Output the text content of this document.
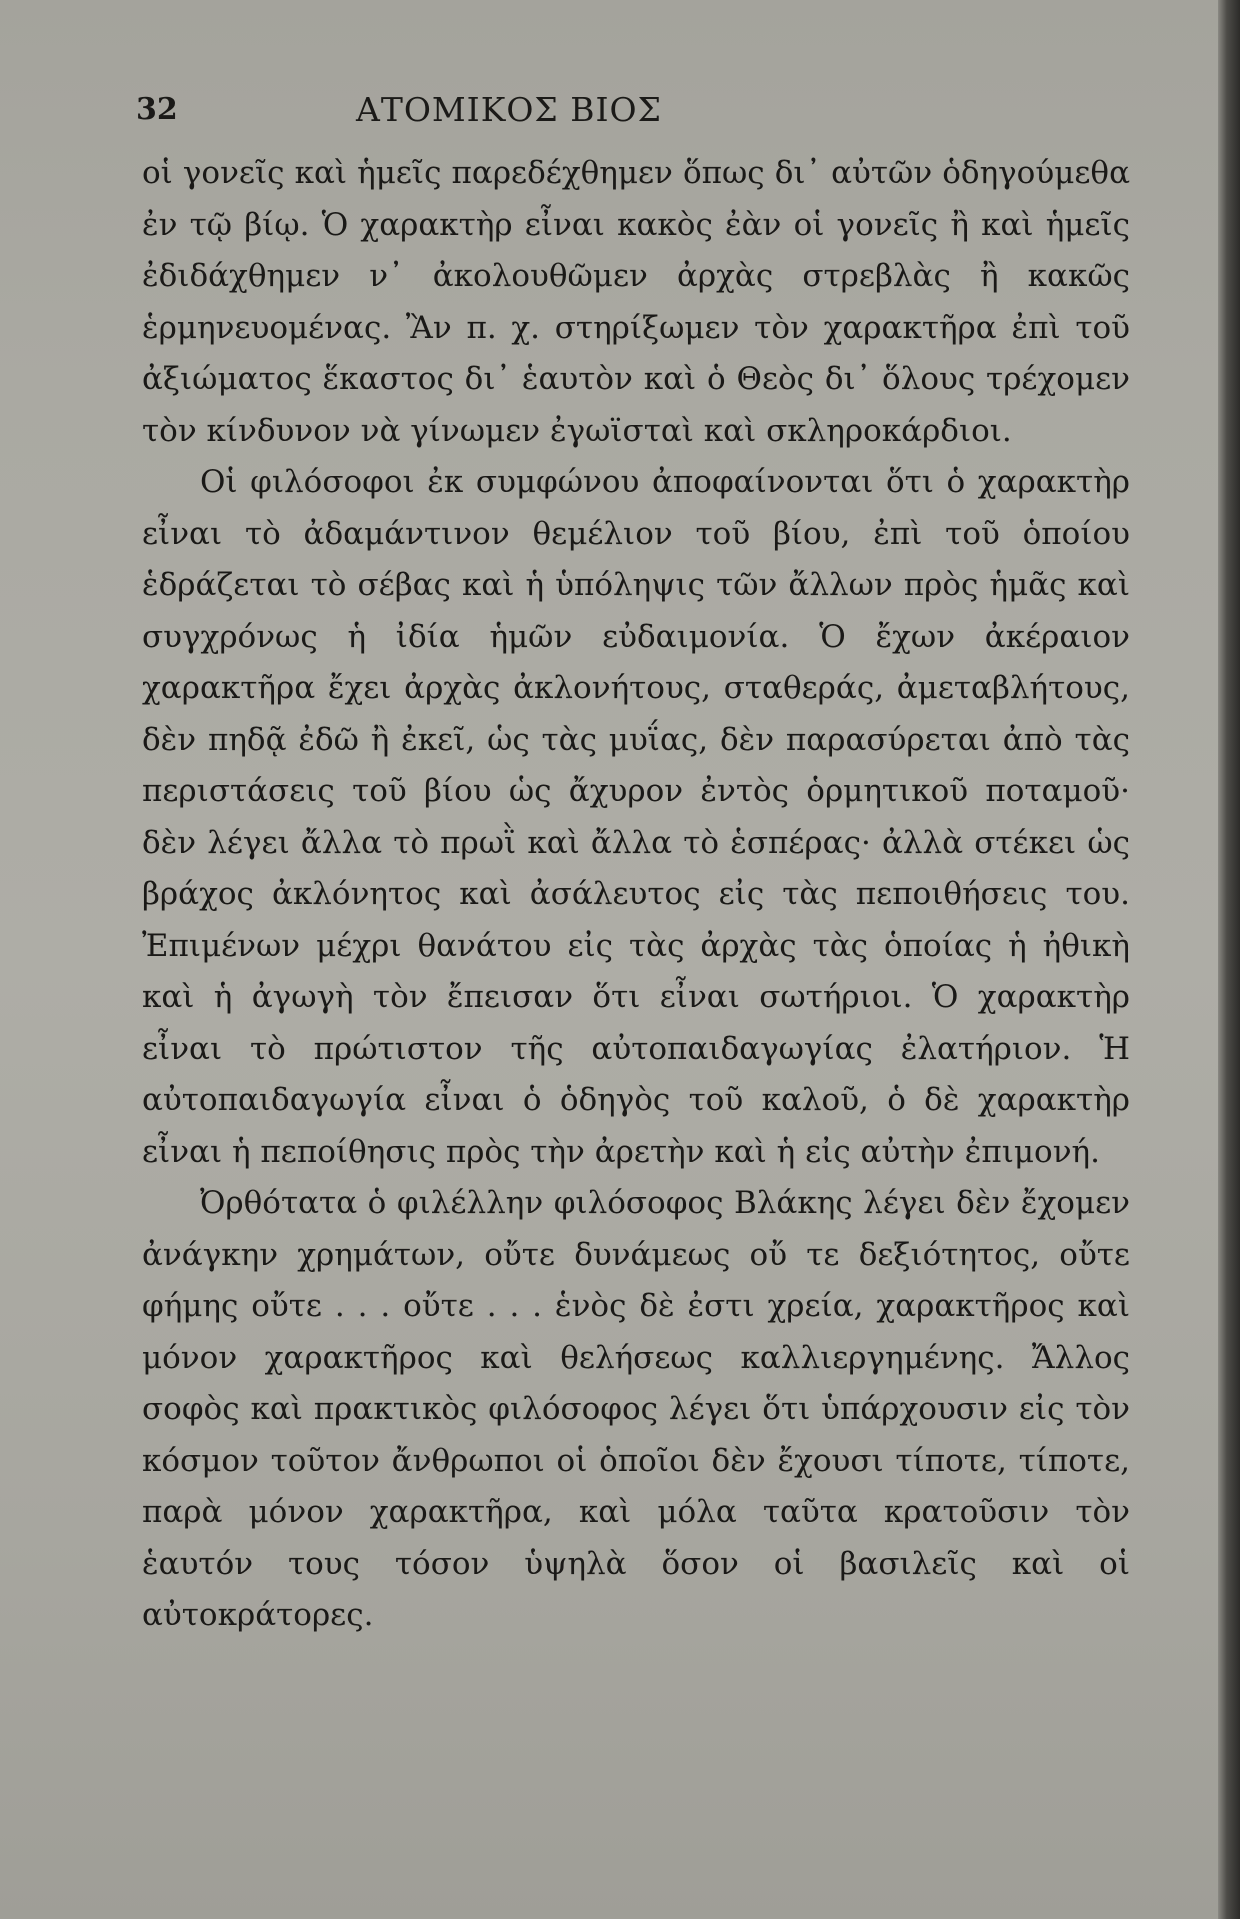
32	ΑΤΟΜΙΚΟΣ ΒΙΟΣ

οἱ γονεῖς καὶ ἡμεῖς παρεδέχθημεν ὅπως δι᾽ αὐτῶν ὁδηγούμεθα ἐν τῷ βίῳ. Ὁ χαρακτὴρ εἶναι κακὸς ἐὰν οἱ γονεῖς ἢ καὶ ἡμεῖς ἐδιδάχθημεν ν᾽ ἀκολουθῶμεν ἀρχὰς στρεβλὰς ἢ κακῶς ἑρμηνευομένας. Ἂν π. χ. στηρίξωμεν τὸν χαρακτῆρα ἐπὶ τοῦ ἀξιώματος ἕκαστος δι᾽ ἑαυτὸν καὶ ὁ Θεὸς δι᾽ ὅλους τρέχομεν τὸν κίνδυνον νὰ γίνωμεν ἐγωϊσταὶ καὶ σκληροκάρδιοι.

Οἱ φιλόσοφοι ἐκ συμφώνου ἀποφαίνονται ὅτι ὁ χαρακτὴρ εἶναι τὸ ἀδαμάντινον θεμέλιον τοῦ βίου, ἐπὶ τοῦ ὁποίου ἑδράζεται τὸ σέβας καὶ ἡ ὑπόληψις τῶν ἄλλων πρὸς ἡμᾶς καὶ συγχρόνως ἡ ἰδία ἡμῶν εὐδαιμονία. Ὁ ἔχων ἀκέραιον χαρακτῆρα ἔχει ἀρχὰς ἀκλονήτους, σταθεράς, ἀμεταβλήτους, δὲν πηδᾷ ἐδῶ ἢ ἐκεῖ, ὡς τὰς μυΐας, δὲν παρασύρεται ἀπὸ τὰς περιστάσεις τοῦ βίου ὡς ἄχυρον ἐντὸς ὁρμητικοῦ ποταμοῦ· δὲν λέγει ἄλλα τὸ πρωῒ καὶ ἄλλα τὸ ἑσπέρας· ἀλλὰ στέκει ὡς βράχος ἀκλόνητος καὶ ἀσάλευτος εἰς τὰς πεποιθήσεις του. Ἐπιμένων μέχρι θανάτου εἰς τὰς ἀρχὰς τὰς ὁποίας ἡ ἠθικὴ καὶ ἡ ἀγωγὴ τὸν ἔπεισαν ὅτι εἶναι σωτήριοι. Ὁ χαρακτὴρ εἶναι τὸ πρώτιστον τῆς αὐτοπαιδαγωγίας ἐλατήριον. Ἡ αὐτοπαιδαγωγία εἶναι ὁ ὁδηγὸς τοῦ καλοῦ, ὁ δὲ χαρακτὴρ εἶναι ἡ πεποίθησις πρὸς τὴν ἀρετὴν καὶ ἡ εἰς αὐτὴν ἐπιμονή.

Ὀρθότατα ὁ φιλέλλην φιλόσοφος Βλάκης λέγει δὲν ἔχομεν ἀνάγκην χρημάτων, οὔτε δυνάμεως οὔ τε δεξιότητος, οὔτε φήμης οὔτε . . . οὔτε . . . ἑνὸς δὲ ἐστι χρεία, χαρακτῆρος καὶ μόνον χαρακτῆρος καὶ θελήσεως καλλιεργημένης. Ἄλλος σοφὸς καὶ πρακτικὸς φιλόσοφος λέγει ὅτι ὑπάρχουσιν εἰς τὸν κόσμον τοῦτον ἄνθρωποι οἱ ὁποῖοι δὲν ἔχουσι τίποτε, τίποτε, παρὰ μόνον χαρακτῆρα, καὶ μόλα ταῦτα κρατοῦσιν τὸν ἑαυτόν τους τόσον ὑψηλὰ ὅσον οἱ βασιλεῖς καὶ οἱ αὐτοκράτορες.
